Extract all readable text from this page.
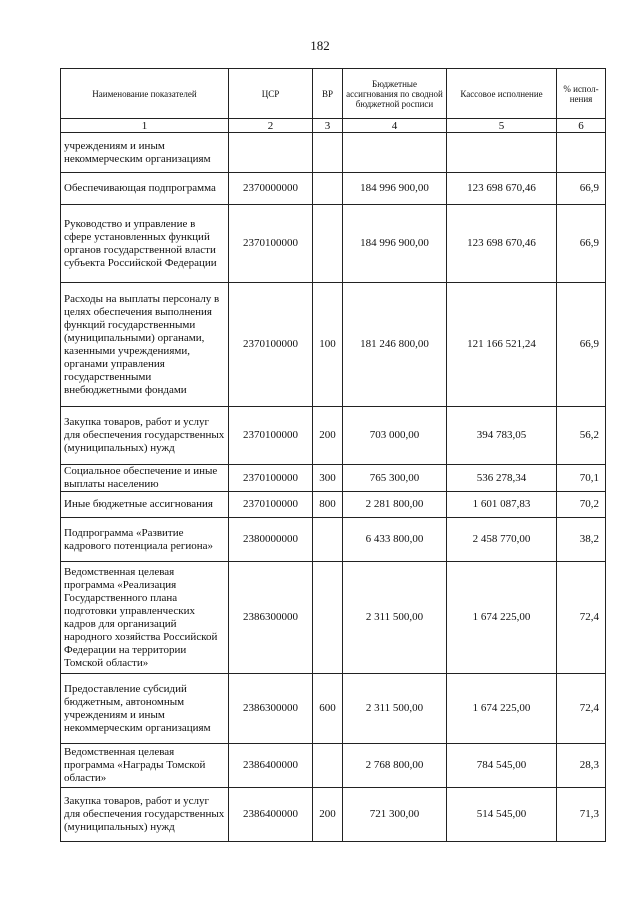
182
Наименование показателей	ЦСР	ВР	Бюджетные ассигнования по сводной бюджетной росписи	Кассовое исполнение	% испол-нения
1	2	3	4	5	6
учреждениям и иным некоммерческим организациям					
Обеспечивающая подпрограмма	2370000000		184 996 900,00	123 698 670,46	66,9
Руководство и управление в сфере установленных функций органов государственной власти субъекта Российской Федерации	2370100000		184 996 900,00	123 698 670,46	66,9
Расходы на выплаты персоналу в целях обеспечения выполнения функций государственными (муниципальными) органами, казенными учреждениями, органами управления государственными внебюджетными фондами	2370100000	100	181 246 800,00	121 166 521,24	66,9
Закупка товаров, работ и услуг для обеспечения государственных (муниципальных) нужд	2370100000	200	703 000,00	394 783,05	56,2
Социальное обеспечение и иные выплаты населению	2370100000	300	765 300,00	536 278,34	70,1
Иные бюджетные ассигнования	2370100000	800	2 281 800,00	1 601 087,83	70,2
Подпрограмма «Развитие кадрового потенциала региона»	2380000000		6 433 800,00	2 458 770,00	38,2
Ведомственная целевая программа «Реализация Государственного плана подготовки управленческих кадров для организаций народного хозяйства Российской Федерации на территории Томской области»	2386300000		2 311 500,00	1 674 225,00	72,4
Предоставление субсидий бюджетным, автономным учреждениям и иным некоммерческим организациям	2386300000	600	2 311 500,00	1 674 225,00	72,4
Ведомственная целевая программа «Награды Томской области»	2386400000		2 768 800,00	784 545,00	28,3
Закупка товаров, работ и услуг для обеспечения государственных (муниципальных) нужд	2386400000	200	721 300,00	514 545,00	71,3
